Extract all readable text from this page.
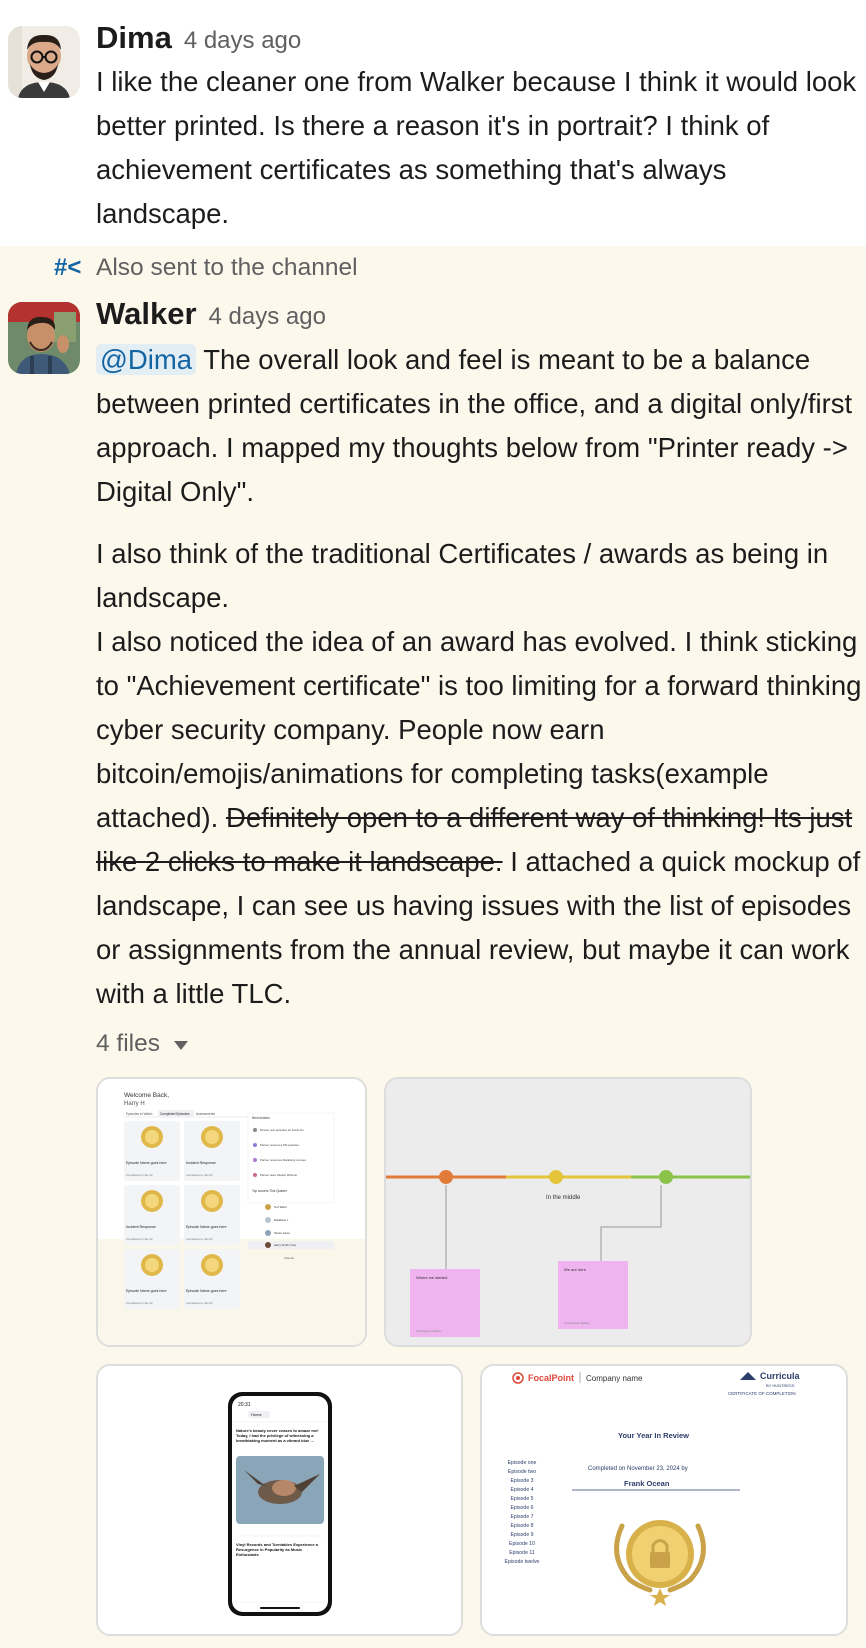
Dima 4 days ago
I like the cleaner one from Walker because I think it would look better printed. Is there a reason it's in portrait? I think of achievement certificates as something that's always landscape.
#< Also sent to the channel
Walker 4 days ago
@Dima The overall look and feel is meant to be a balance between printed certificates in the office, and a digital only/first approach. I mapped my thoughts below from "Printer ready -> Digital Only".
I also think of the traditional Certificates / awards as being in landscape.
I also noticed the idea of an award has evolved. I think sticking to "Achievement certificate" is too limiting for a forward thinking cyber security company. People now earn bitcoin/emojis/animations for completing tasks(example attached). Definitely open to a different way of thinking! Its just like 2 clicks to make it landscape. I attached a quick mockup of landscape, I can see us having issues with the list of episodes or assignments from the annual review, but maybe it can work with a little TLC.
4 files
Welcome Back,
Harry H
Episodes to Watch Completed Episodes Assessments
Episode Name goes here
Completed on Jan 22
Incident Response
Completed on Jan 22
Incident Response
Completed on Jan 22
Episode Name goes here
Completed on Jan 22
Episode Name goes here
Completed on Jan 22
Episode Name goes here
Completed on Jan 22
Next Actions
Review new episodes for Frank Fin
Partner resources PR episodes
Partner resources Marketing courses
Partner team Weekly Webinar
Top scorers This Quarter
Ted Talbot
Maddison J
Nicole Jones
Harry Smith (You)
View all
In the middle
Where we started
Christopher Walker
We are here
Christopher Walker
20:31
Home
Nature's beauty never ceases to amaze me! Today, I had the privilege of witnessing a breathtaking moment as a vibrant blue ...
Vinyl Records and Turntables Experience a Resurgence in Popularity as Music Enthusiasts
FocalPoint Company name	Curricula
BY HUNTRESS
CERTIFICATE OF COMPLETION
Your Year In Review
Completed on November 23, 2024 by
Frank Ocean
Episode one
Episode two
Episode 3
Episode 4
Episode 5
Episode 6
Episode 7
Episode 8
Episode 9
Episode 10
Episode 11
Episode twelve
